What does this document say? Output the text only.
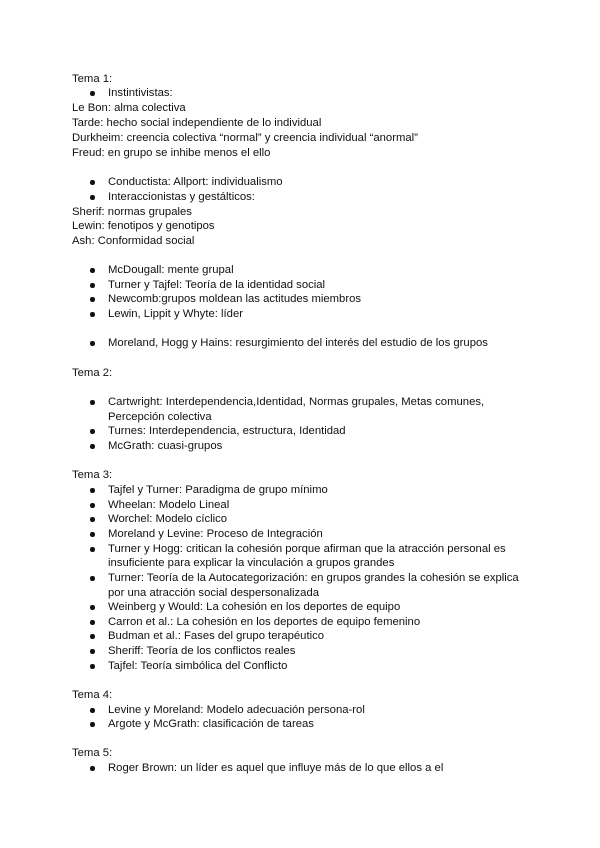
Tema 1:
Instintivistas:
Le Bon: alma colectiva
Tarde: hecho social independiente de lo individual
Durkheim: creencia colectiva “normal” y creencia individual “anormal”
Freud: en grupo se inhibe menos el ello
Conductista: Allport: individualismo
Interaccionistas y gestálticos:
Sherif: normas grupales
Lewin: fenotipos y genotipos
Ash: Conformidad social
McDougall: mente grupal
Turner y Tajfel: Teoría de la identidad social
Newcomb:grupos moldean las actitudes miembros
Lewin, Lippit y Whyte: líder
Moreland, Hogg y Hains: resurgimiento del interés del estudio de los grupos
Tema 2:
Cartwright: Interdependencia,Identidad, Normas grupales, Metas comunes,
Percepción colectiva
Turnes: Interdependencia, estructura, Identidad
McGrath: cuasi-grupos
Tema 3:
Tajfel y Turner: Paradigma de grupo mínimo
Wheelan: Modelo Lineal
Worchel: Modelo cíclico
Moreland y Levine: Proceso de Integración
Turner y Hogg: critican la cohesión porque afirman que la atracción personal es
insuficiente para explicar la vinculación a grupos grandes
Turner: Teoría de la Autocategorización: en grupos grandes la cohesión se explica
por una atracción social despersonalizada
Weinberg y Would: La cohesión en los deportes de equipo
Carron et al.: La cohesión en los deportes de equipo femenino
Budman et al.: Fases del grupo terapéutico
Sheriff: Teoría de los conflictos reales
Tajfel: Teoría simbólica del Conflicto
Tema 4:
Levine y Moreland: Modelo adecuación persona-rol
Argote y McGrath: clasificación de tareas
Tema 5:
Roger Brown: un líder es aquel que influye más de lo que ellos a el
